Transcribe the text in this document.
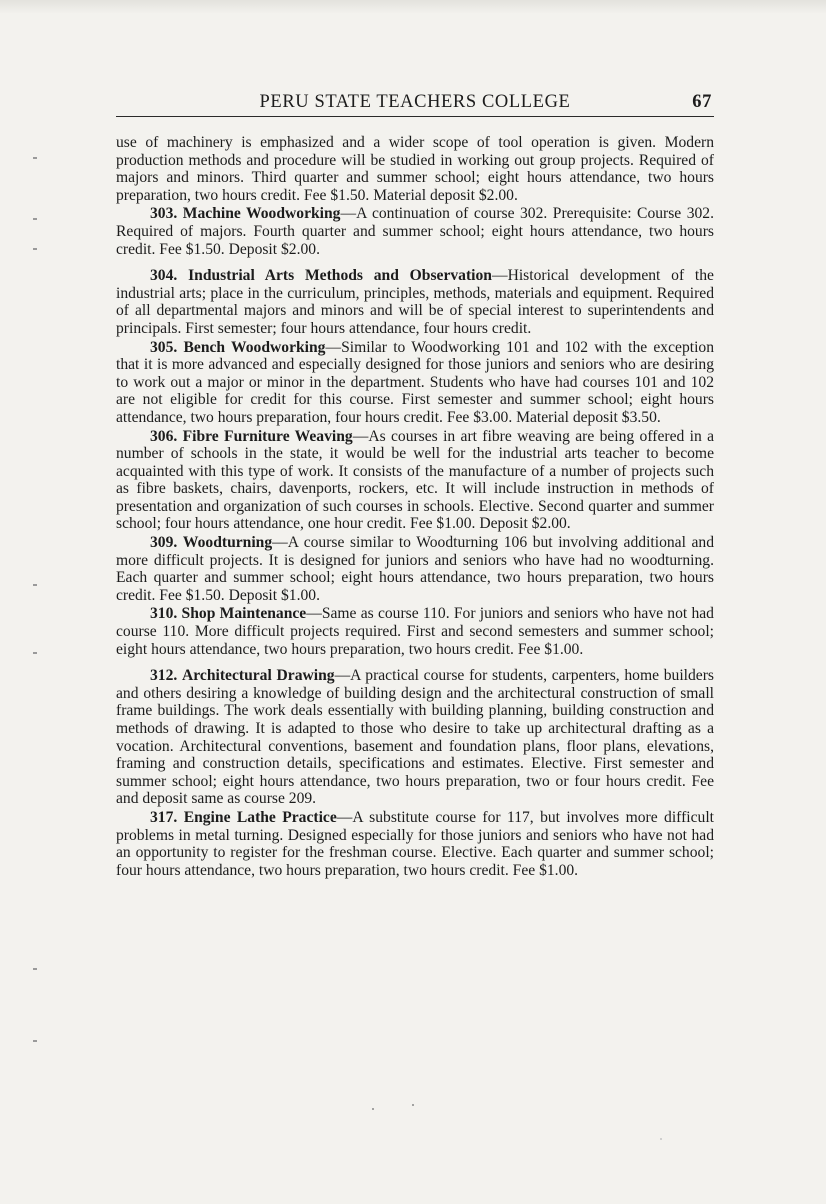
PERU STATE TEACHERS COLLEGE	67

use of machinery is emphasized and a wider scope of tool operation is given. Modern production methods and procedure will be studied in working out group projects. Required of majors and minors. Third quarter and summer school; eight hours attendance, two hours preparation, two hours credit. Fee $1.50. Material deposit $2.00.

303. Machine Woodworking—A continuation of course 302. Prerequisite: Course 302. Required of majors. Fourth quarter and summer school; eight hours attendance, two hours credit. Fee $1.50. Deposit $2.00.

304. Industrial Arts Methods and Observation—Historical development of the industrial arts; place in the curriculum, principles, methods, materials and equipment. Required of all departmental majors and minors and will be of special interest to superintendents and principals. First semester; four hours attendance, four hours credit.

305. Bench Woodworking—Similar to Woodworking 101 and 102 with the exception that it is more advanced and especially designed for those juniors and seniors who are desiring to work out a major or minor in the department. Students who have had courses 101 and 102 are not eligible for credit for this course. First semester and summer school; eight hours attendance, two hours preparation, four hours credit. Fee $3.00. Material deposit $3.50.

306. Fibre Furniture Weaving—As courses in art fibre weaving are being offered in a number of schools in the state, it would be well for the industrial arts teacher to become acquainted with this type of work. It consists of the manufacture of a number of projects such as fibre baskets, chairs, davenports, rockers, etc. It will include instruction in methods of presentation and organization of such courses in schools. Elective. Second quarter and summer school; four hours attendance, one hour credit. Fee $1.00. Deposit $2.00.

309. Woodturning—A course similar to Woodturning 106 but involving additional and more difficult projects. It is designed for juniors and seniors who have had no woodturning. Each quarter and summer school; eight hours attendance, two hours preparation, two hours credit. Fee $1.50. Deposit $1.00.

310. Shop Maintenance—Same as course 110. For juniors and seniors who have not had course 110. More difficult projects required. First and second semesters and summer school; eight hours attendance, two hours preparation, two hours credit. Fee $1.00.

312. Architectural Drawing—A practical course for students, carpenters, home builders and others desiring a knowledge of building design and the architectural construction of small frame buildings. The work deals essentially with building planning, building construction and methods of drawing. It is adapted to those who desire to take up architectural drafting as a vocation. Architectural conventions, basement and foundation plans, floor plans, elevations, framing and construction details, specifications and estimates. Elective. First semester and summer school; eight hours attendance, two hours preparation, two or four hours credit. Fee and deposit same as course 209.

317. Engine Lathe Practice—A substitute course for 117, but involves more difficult problems in metal turning. Designed especially for those juniors and seniors who have not had an opportunity to register for the freshman course. Elective. Each quarter and summer school; four hours attendance, two hours preparation, two hours credit. Fee $1.00.
